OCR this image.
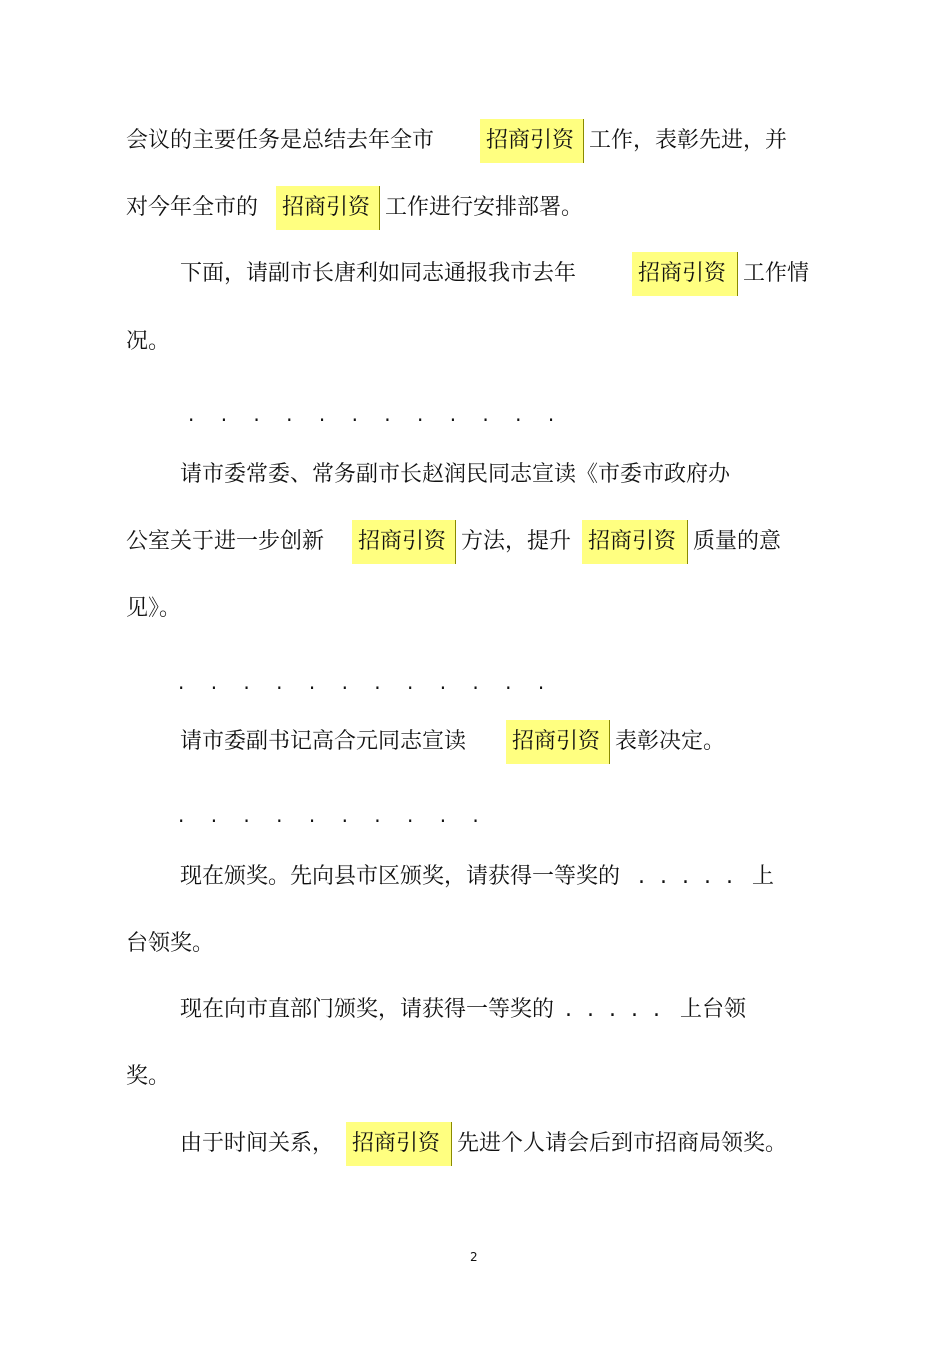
会议的主要任务是总结去年全市 招商引资 工作，表彰先进，并
对今年全市的 招商引资 工作进行安排部署。
下面，请副市长唐利如同志通报我市去年	招商引资 工作情
况。
. . . . . . . . . . . .
请市委常委、常务副市长赵润民同志宣读《市委市政府办
公室关于进一步创新 招商引资 方法，提升 招商引资 质量的意
见》。
. . . . . . . . . . . .
请市委副书记高合元同志宣读 招商引资 表彰决定。
. . . . . . . . . .
现在颁奖。先向县市区颁奖，请获得一等奖的 . . . . . 上
台领奖。
现在向市直部门颁奖，请获得一等奖的 . . . . . 上台领
奖。
由于时间关系， 招商引资 先进个人请会后到市招商局领奖。
2
